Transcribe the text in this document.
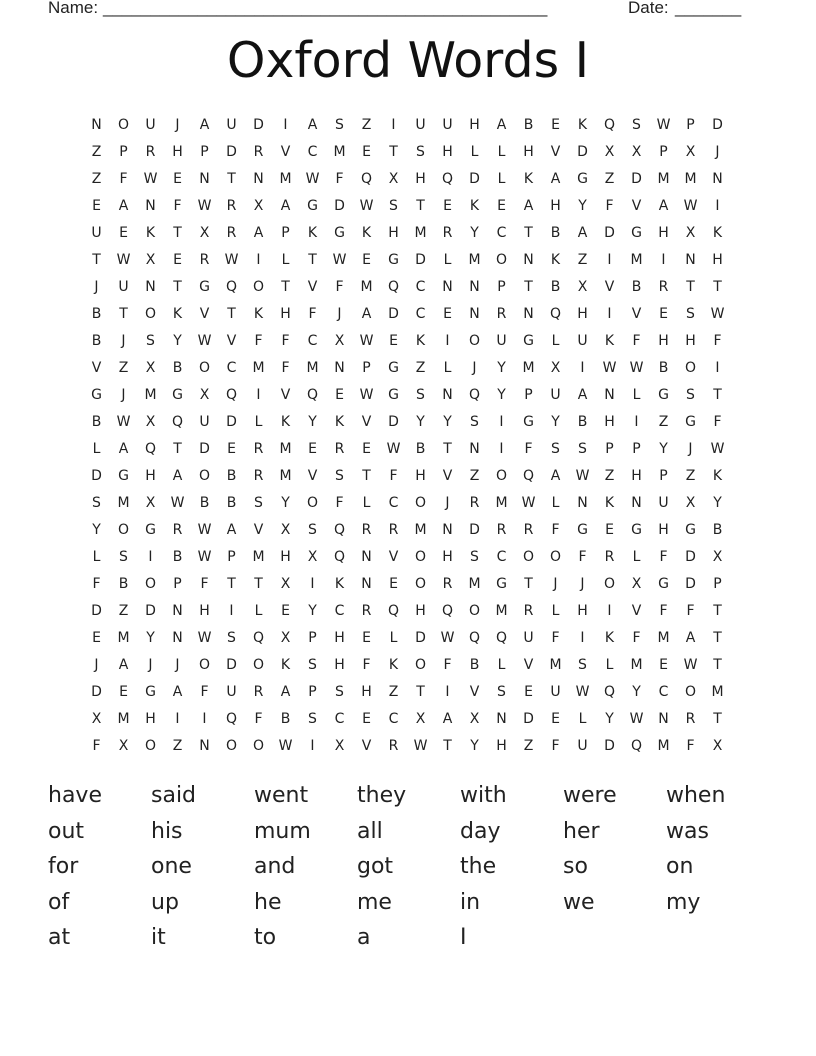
Name: _______________________________________________	Date: _______
Oxford Words I
N	O	U	J	A	U	D	I	A	S	Z	I	U	U	H	A	B	E	K	Q	S	W	P	D
Z	P	R	H	P	D	R	V	C	M	E	T	S	H	L	L	H	V	D	X	X	P	X	J
Z	F	W	E	N	T	N	M	W	F	Q	X	H	Q	D	L	K	A	G	Z	D	M	M	N
E	A	N	F	W	R	X	A	G	D	W	S	T	E	K	E	A	H	Y	F	V	A	W	I
U	E	K	T	X	R	A	P	K	G	K	H	M	R	Y	C	T	B	A	D	G	H	X	K
T	W	X	E	R	W	I	L	T	W	E	G	D	L	M	O	N	K	Z	I	M	I	N	H
J	U	N	T	G	Q	O	T	V	F	M	Q	C	N	N	P	T	B	X	V	B	R	T	T
B	T	O	K	V	T	K	H	F	J	A	D	C	E	N	R	N	Q	H	I	V	E	S	W
B	J	S	Y	W	V	F	F	C	X	W	E	K	I	O	U	G	L	U	K	F	H	H	F
V	Z	X	B	O	C	M	F	M	N	P	G	Z	L	J	Y	M	X	I	W W	B	O	I
G	J	M	G	X	Q	I	V	Q	E	W	G	S	N	Q	Y	P	U	A	N	L	G	S	T
B	W	X	Q	U	D	L	K	Y	K	V	D	Y	Y	S	I	G	Y	B	H	I	Z	G	F
L	A	Q	T	D	E	R	M	E	R	E	W	B	T	N	I	F	S	S	P	P	Y	J	W
D	G	H	A	O	B	R	M	V	S	T	F	H	V	Z	O	Q	A	W	Z	H	P	Z	K
S	M	X	W	B	B	S	Y	O	F	L	C	O	J	R	M	W	L	N	K	N	U	X	Y
Y	O	G	R	W	A	V	X	S	Q	R	R	M	N	D	R	R	F	G	E	G	H	G	B
L	S	I	B	W	P	M	H	X	Q	N	V	O	H	S	C	O	O	F	R	L	F	D	X
F	B	O	P	F	T	T	X	I	K	N	E	O	R	M	G	T	J	J	O	X	G	D	P
D	Z	D	N	H	I	L	E	Y	C	R	Q	H	Q	O	M	R	L	H	I	V	F	F	T
E	M	Y	N	W	S	Q	X	P	H	E	L	D	W	Q	Q	U	F	I	K	F	M	A	T
J	A	J	J	O	D	O	K	S	H	F	K	O	F	B	L	V	M	S	L	M	E	W	T
D	E	G	A	F	U	R	A	P	S	H	Z	T	I	V	S	E	U	W	Q	Y	C	O	M
X	M	H	I	I	Q	F	B	S	C	E	C	X	A	X	N	D	E	L	Y	W	N	R	T
F	X	O	Z	N	O	O	W	I	X	V	R	W	T	Y	H	Z	F	U	D	Q	M	F	X
have	said	went	they	with	were	when
out	his	mum	all	day	her	was
for	one	and	got	the	so	on
of	up	he	me	in	we	my
at	it	to	a	I
